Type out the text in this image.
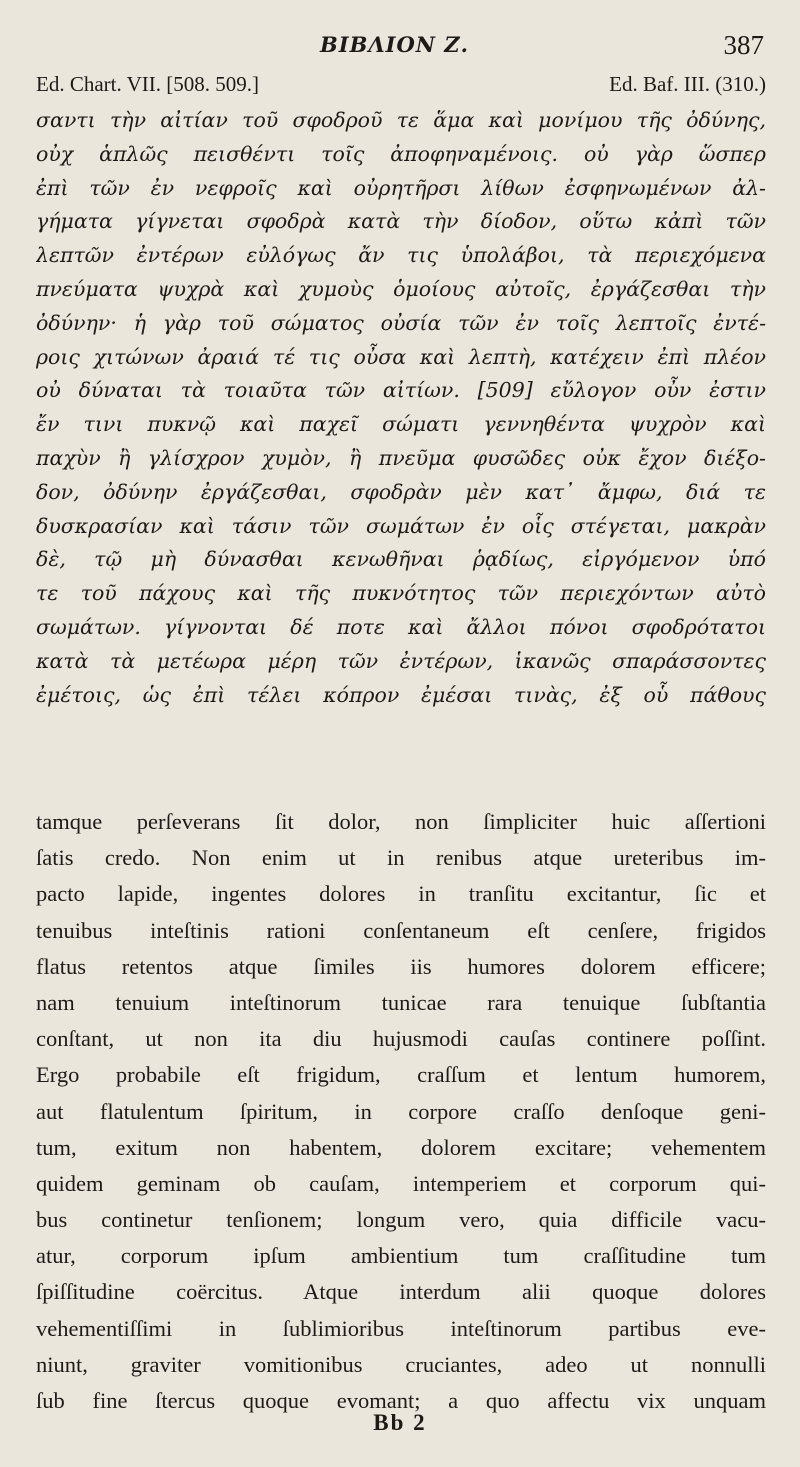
ΒΙΒΛΙΟΝ Ζ.	387
Ed. Chart. VII. [508. 509.]	Ed. Baf. III. (310.)
σαντι τὴν αἰτίαν τοῦ σφοδροῦ τε ἅμα καὶ μονίμου τῆς ὀδύνης,
οὐχ ἁπλῶς πεισθέντι τοῖς ἀποφηναμένοις. οὐ γὰρ ὥσπερ
ἐπὶ τῶν ἐν νεφροῖς καὶ οὐρητῆρσι λίθων ἐσφηνωμένων ἀλ-
γήματα γίγνεται σφοδρὰ κατὰ τὴν δίοδον, οὕτω κἀπὶ τῶν
λεπτῶν ἐντέρων εὐλόγως ἄν τις ὑπολάβοι, τὰ περιεχόμενα
πνεύματα ψυχρὰ καὶ χυμοὺς ὁμοίους αὐτοῖς, ἐργάζεσθαι τὴν
ὀδύνην· ἡ γὰρ τοῦ σώματος οὐσία τῶν ἐν τοῖς λεπτοῖς ἐντέ-
ροις χιτώνων ἀραιά τέ τις οὖσα καὶ λεπτὴ, κατέχειν ἐπὶ πλέον
οὐ δύναται τὰ τοιαῦτα τῶν αἰτίων. [509] εὔλογον οὖν ἐστιν
ἔν τινι πυκνῷ καὶ παχεῖ σώματι γεννηθέντα ψυχρὸν καὶ
παχὺν ἢ γλίσχρον χυμὸν, ἢ πνεῦμα φυσῶδες οὐκ ἔχον διέξο-
δον, ὀδύνην ἐργάζεσθαι, σφοδρὰν μὲν κατ᾽ ἄμφω, διά τε
δυσκρασίαν καὶ τάσιν τῶν σωμάτων ἐν οἷς στέγεται, μακρὰν
δὲ, τῷ μὴ δύνασθαι κενωθῆναι ῥᾳδίως, εἰργόμενον ὑπό
τε τοῦ πάχους καὶ τῆς πυκνότητος τῶν περιεχόντων αὐτὸ
σωμάτων. γίγνονται δέ ποτε καὶ ἄλλοι πόνοι σφοδρότατοι
κατὰ τὰ μετέωρα μέρη τῶν ἐντέρων, ἱκανῶς σπαράσσοντες
ἐμέτοις, ὡς ἐπὶ τέλει κόπρον ἐμέσαι τινὰς, ἐξ οὗ πάθους
tamque perſeverans ſit dolor, non ſimpliciter huic aſſertioni
ſatis credo. Non enim ut in renibus atque ureteribus im-
pacto lapide, ingentes dolores in tranſitu excitantur, ſic et
tenuibus inteſtinis rationi conſentaneum eſt cenſere, frigidos
flatus retentos atque ſimiles iis humores dolorem efficere;
nam tenuium inteſtinorum tunicae rara tenuique ſubſtantia
conſtant, ut non ita diu hujusmodi cauſas continere poſſint.
Ergo probabile eſt frigidum, craſſum et lentum humorem,
aut flatulentum ſpiritum, in corpore craſſo denſoque geni-
tum, exitum non habentem, dolorem excitare; vehementem
quidem geminam ob cauſam, intemperiem et corporum qui-
bus continetur tenſionem; longum vero, quia difficile vacu-
atur, corporum ipſum ambientium tum craſſitudine tum
ſpiſſitudine coërcitus. Atque interdum alii quoque dolores
vehementiſſimi in ſublimioribus inteſtinorum partibus eve-
niunt, graviter vomitionibus cruciantes, adeo ut nonnulli
ſub fine ſtercus quoque evomant; a quo affectu vix unquam
Bb 2
